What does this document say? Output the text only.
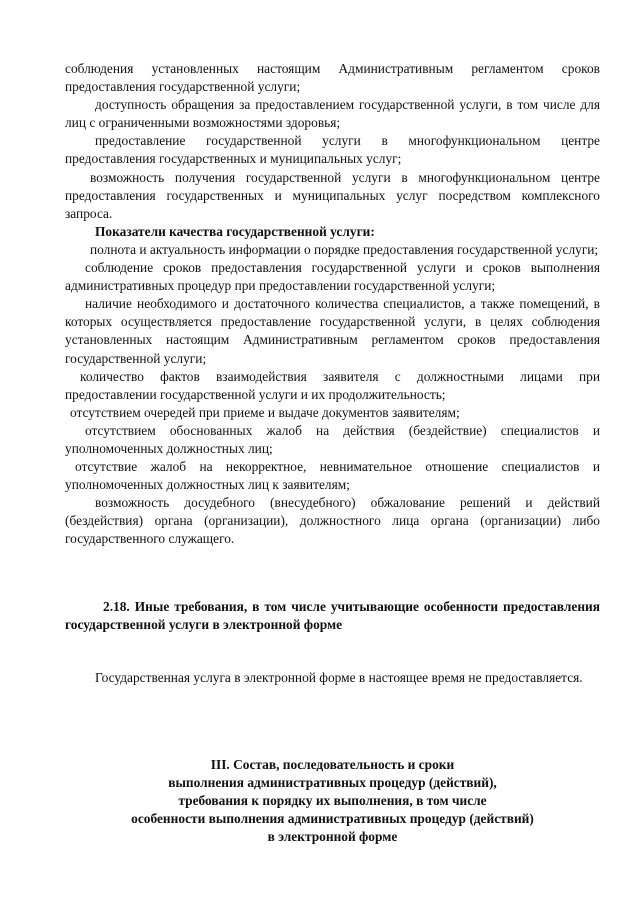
соблюдения установленных настоящим Административным регламентом сроков предоставления государственной услуги;

доступность обращения за предоставлением государственной услуги, в том числе для лиц с ограниченными возможностями здоровья;

предоставление государственной услуги в многофункциональном центре предоставления государственных и муниципальных услуг;

возможность получения государственной услуги в многофункциональном центре предоставления государственных и муниципальных услуг посредством комплексного запроса.

Показатели качества государственной услуги:

полнота и актуальность информации о порядке предоставления государственной услуги;

соблюдение сроков предоставления государственной услуги и сроков выполнения административных процедур при предоставлении государственной услуги;

наличие необходимого и достаточного количества специалистов, а также помещений, в которых осуществляется предоставление государственной услуги, в целях соблюдения установленных настоящим Административным регламентом сроков предоставления государственной услуги;

количество фактов взаимодействия заявителя с должностными лицами при предоставлении государственной услуги и их продолжительность;

отсутствием очередей при приеме и выдаче документов заявителям;

отсутствием обоснованных жалоб на действия (бездействие) специалистов и уполномоченных должностных лиц;

отсутствие жалоб на некорректное, невнимательное отношение специалистов и уполномоченных должностных лиц к заявителям;

возможность досудебного (внесудебного) обжалование решений и действий (бездействия) органа (организации), должностного лица органа (организации) либо государственного служащего.

2.18. Иные требования, в том числе учитывающие особенности предоставления государственной услуги в электронной форме

Государственная услуга в электронной форме в настоящее время не предоставляется.

III. Состав, последовательность и сроки
выполнения административных процедур (действий),
требования к порядку их выполнения, в том числе
особенности выполнения административных процедур (действий)
в электронной форме
